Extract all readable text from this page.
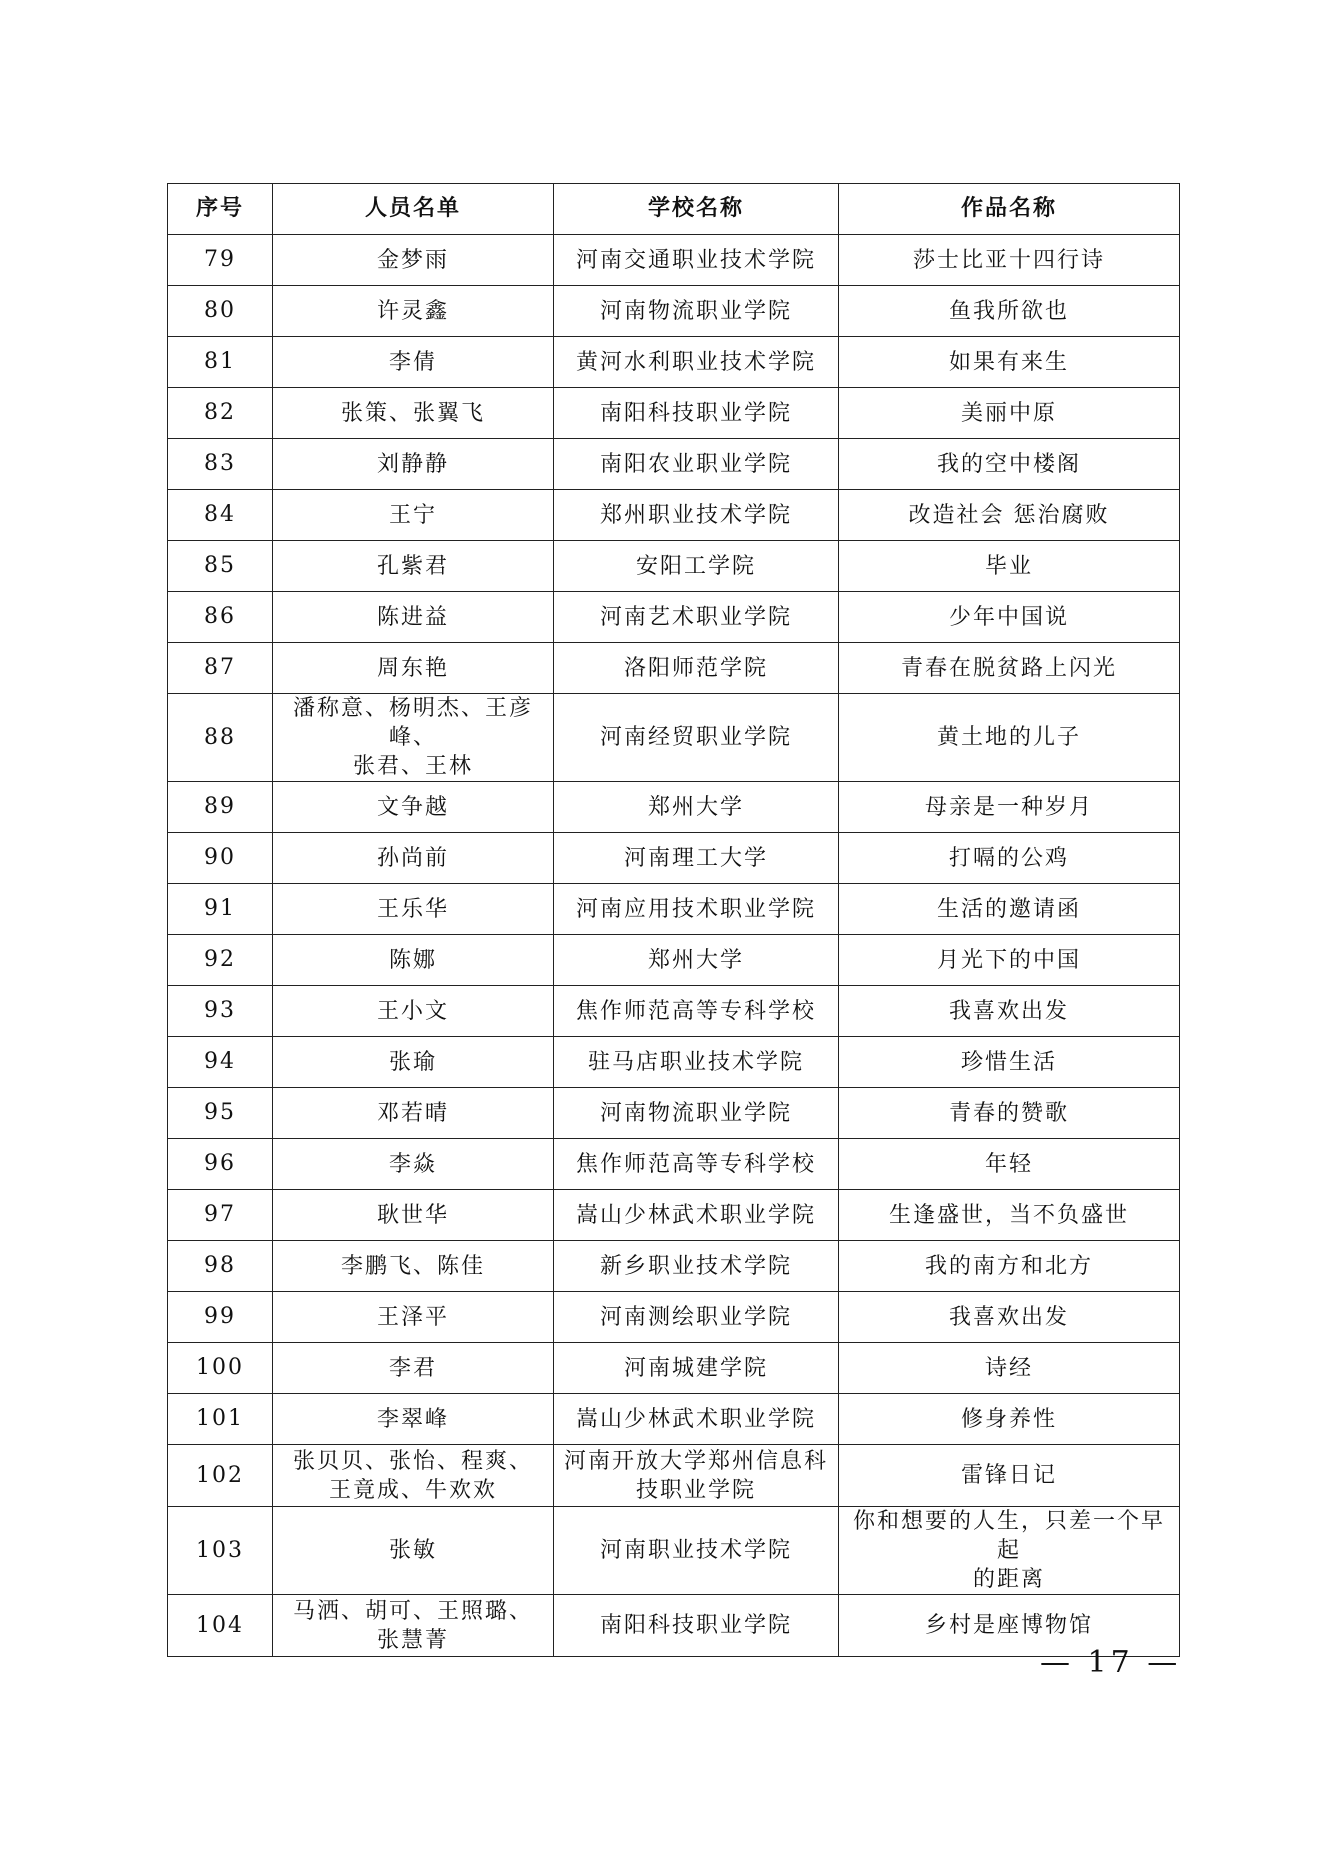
序号	人员名单	学校名称	作品名称
79	金梦雨	河南交通职业技术学院	莎士比亚十四行诗

80	许灵鑫	河南物流职业学院	鱼我所欲也

81	李倩	黄河水利职业技术学院	如果有来生

82	张策、张翼飞	南阳科技职业学院	美丽中原

83	刘静静	南阳农业职业学院	我的空中楼阁

84	王宁	郑州职业技术学院	改造社会 惩治腐败

85	孔紫君	安阳工学院	毕业

86	陈进益	河南艺术职业学院	少年中国说

87	周东艳	洛阳师范学院	青春在脱贫路上闪光

88	潘称意、杨明杰、王彦峰、
张君、王林	河南经贸职业学院	黄土地的儿子

89	文争越	郑州大学	母亲是一种岁月

90	孙尚前	河南理工大学	打嗝的公鸡

91	王乐华	河南应用技术职业学院	生活的邀请函

92	陈娜	郑州大学	月光下的中国

93	王小文	焦作师范高等专科学校	我喜欢出发

94	张瑜	驻马店职业技术学院	珍惜生活

95	邓若晴	河南物流职业学院	青春的赞歌

96	李焱	焦作师范高等专科学校	年轻

97	耿世华	嵩山少林武术职业学院	生逢盛世，当不负盛世

98	李鹏飞、陈佳	新乡职业技术学院	我的南方和北方

99	王泽平	河南测绘职业学院	我喜欢出发

100	李君	河南城建学院	诗经

101	李翠峰	嵩山少林武术职业学院	修身养性

102	张贝贝、张怡、程爽、
王竟成、牛欢欢	河南开放大学郑州信息科
技职业学院	雷锋日记

103	张敏	河南职业技术学院	你和想要的人生，只差一个早起
的距离

104	马洒、胡可、王照璐、
张慧菁	南阳科技职业学院	乡村是座博物馆
— 17 —
